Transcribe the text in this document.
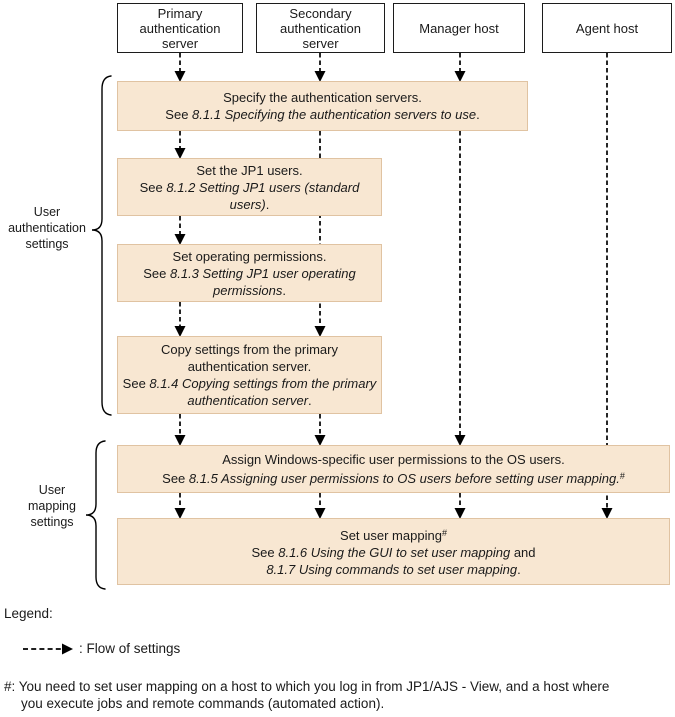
Primary authentication server
Secondary authentication server
Manager host	Agent host
Specify the authentication servers.
See 8.1.1 Specifying the authentication servers to use.
Set the JP1 users.
See 8.1.2 Setting JP1 users (standard users).
Set operating permissions.
See 8.1.3 Setting JP1 user operating permissions.
Copy settings from the primary authentication server.
See 8.1.4 Copying settings from the primary authentication server.
Assign Windows-specific user permissions to the OS users.
See 8.1.5 Assigning user permissions to OS users before setting user mapping.#
Set user mapping#
See 8.1.6 Using the GUI to set user mapping and
8.1.7 Using commands to set user mapping.
User authentication settings
User mapping settings
Legend:
: Flow of settings
#: You need to set user mapping on a host to which you log in from JP1/AJS - View, and a host where
you execute jobs and remote commands (automated action).
